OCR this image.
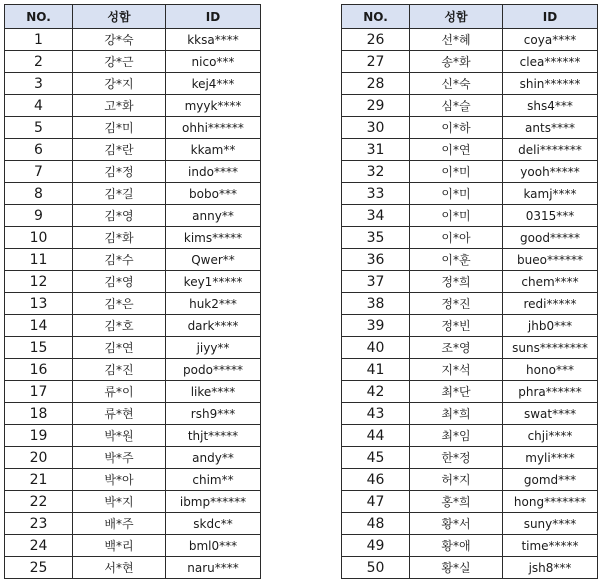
NO.	성함	ID
1	강*숙	kksa****
2	강*근	nico***
3	강*지	kej4***
4	고*화	myyk****
5	김*미	ohhi******
6	김*란	kkam**
7	김*정	indo****
8	김*길	bobo***
9	김*영	anny**
10	김*화	kims*****
11	김*수	Qwer**
12	김*영	key1*****
13	김*은	huk2***
14	김*호	dark****
15	김*연	jiyy**
16	김*진	podo*****
17	류*이	like****
18	류*현	rsh9***
19	박*원	thjt*****
20	박*주	andy**
21	박*아	chim**
22	박*지	ibmp******
23	배*주	skdc**
24	백*리	bml0***
25	서*현	naru****
NO.	성함	ID
26	선*혜	coya****
27	송*화	clea******
28	신*숙	shin******
29	심*슬	shs4***
30	이*하	ants****
31	이*연	deli*******
32	이*미	yooh*****
33	이*미	kamj****
34	이*미	0315***
35	이*아	good*****
36	이*훈	bueo******
37	정*희	chem****
38	정*진	redi*****
39	정*빈	jhb0***
40	조*영	suns********
41	지*석	hono***
42	최*단	phra******
43	최*희	swat****
44	최*임	chji****
45	한*정	myli****
46	허*지	gomd***
47	홍*희	hong*******
48	황*서	suny****
49	황*애	time*****
50	황*실	jsh8***
